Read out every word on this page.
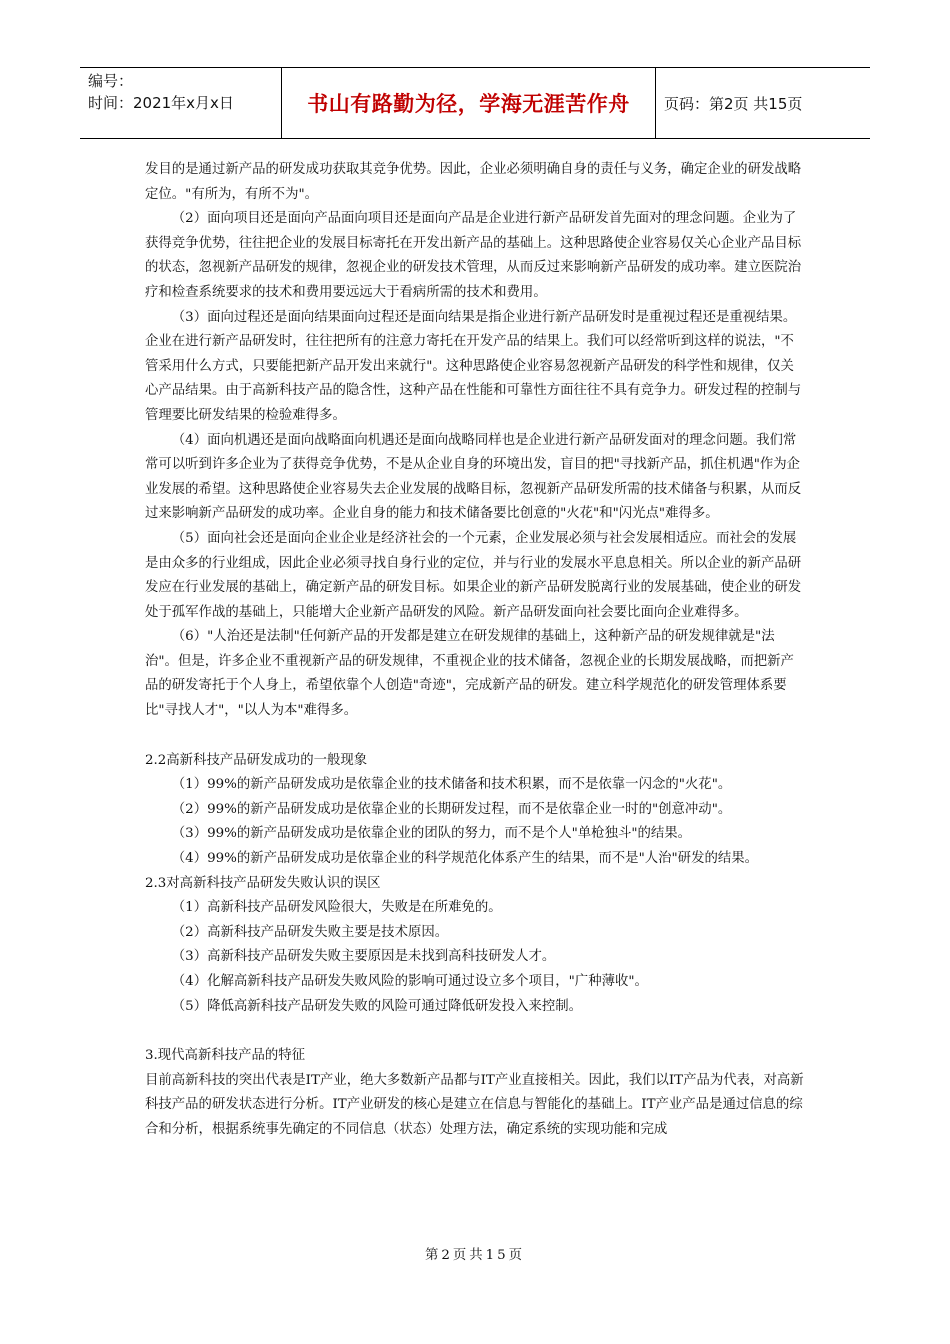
编号：
时间：2021年x月x日	书山有路勤为径，学海无涯苦作舟	页码：第2页 共15页

发目的是通过新产品的研发成功获取其竞争优势。因此，企业必须明确自身的责任与义务，确定企业的研发战略定位。"有所为，有所不为"。

（2）面向项目还是面向产品面向项目还是面向产品是企业进行新产品研发首先面对的理念问题。企业为了获得竞争优势，往往把企业的发展目标寄托在开发出新产品的基础上。这种思路使企业容易仅关心企业产品目标的状态，忽视新产品研发的规律，忽视企业的研发技术管理，从而反过来影响新产品研发的成功率。建立医院治疗和检查系统要求的技术和费用要远远大于看病所需的技术和费用。

（3）面向过程还是面向结果面向过程还是面向结果是指企业进行新产品研发时是重视过程还是重视结果。企业在进行新产品研发时，往往把所有的注意力寄托在开发产品的结果上。我们可以经常听到这样的说法，"不管采用什么方式，只要能把新产品开发出来就行"。这种思路使企业容易忽视新产品研发的科学性和规律，仅关心产品结果。由于高新科技产品的隐含性，这种产品在性能和可靠性方面往往不具有竞争力。研发过程的控制与管理要比研发结果的检验难得多。

（4）面向机遇还是面向战略面向机遇还是面向战略同样也是企业进行新产品研发面对的理念问题。我们常常可以听到许多企业为了获得竞争优势，不是从企业自身的环境出发，盲目的把"寻找新产品，抓住机遇"作为企业发展的希望。这种思路使企业容易失去企业发展的战略目标，忽视新产品研发所需的技术储备与积累，从而反过来影响新产品研发的成功率。企业自身的能力和技术储备要比创意的"火花"和"闪光点"难得多。

（5）面向社会还是面向企业企业是经济社会的一个元素，企业发展必须与社会发展相适应。而社会的发展是由众多的行业组成，因此企业必须寻找自身行业的定位，并与行业的发展水平息息相关。所以企业的新产品研发应在行业发展的基础上，确定新产品的研发目标。如果企业的新产品研发脱离行业的发展基础，使企业的研发处于孤军作战的基础上，只能增大企业新产品研发的风险。新产品研发面向社会要比面向企业难得多。

（6）"人治还是法制"任何新产品的开发都是建立在研发规律的基础上，这种新产品的研发规律就是"法治"。但是，许多企业不重视新产品的研发规律，不重视企业的技术储备，忽视企业的长期发展战略，而把新产品的研发寄托于个人身上，希望依靠个人创造"奇迹"，完成新产品的研发。建立科学规范化的研发管理体系要比"寻找人才"，"以人为本"难得多。

2.2高新科技产品研发成功的一般现象

（1）99%的新产品研发成功是依靠企业的技术储备和技术积累，而不是依靠一闪念的"火花"。

（2）99%的新产品研发成功是依靠企业的长期研发过程，而不是依靠企业一时的"创意冲动"。

（3）99%的新产品研发成功是依靠企业的团队的努力，而不是个人"单枪独斗"的结果。

（4）99%的新产品研发成功是依靠企业的科学规范化体系产生的结果，而不是"人治"研发的结果。

2.3对高新科技产品研发失败认识的误区

（1）高新科技产品研发风险很大，失败是在所难免的。

（2）高新科技产品研发失败主要是技术原因。

（3）高新科技产品研发失败主要原因是未找到高科技研发人才。

（4）化解高新科技产品研发失败风险的影响可通过设立多个项目，"广种薄收"。

（5）降低高新科技产品研发失败的风险可通过降低研发投入来控制。

3.现代高新科技产品的特征

目前高新科技的突出代表是IT产业，绝大多数新产品都与IT产业直接相关。因此，我们以IT产品为代表，对高新科技产品的研发状态进行分析。IT产业研发的核心是建立在信息与智能化的基础上。IT产业产品是通过信息的综合和分析，根据系统事先确定的不同信息（状态）处理方法，确定系统的实现功能和完成

第2页共15页
